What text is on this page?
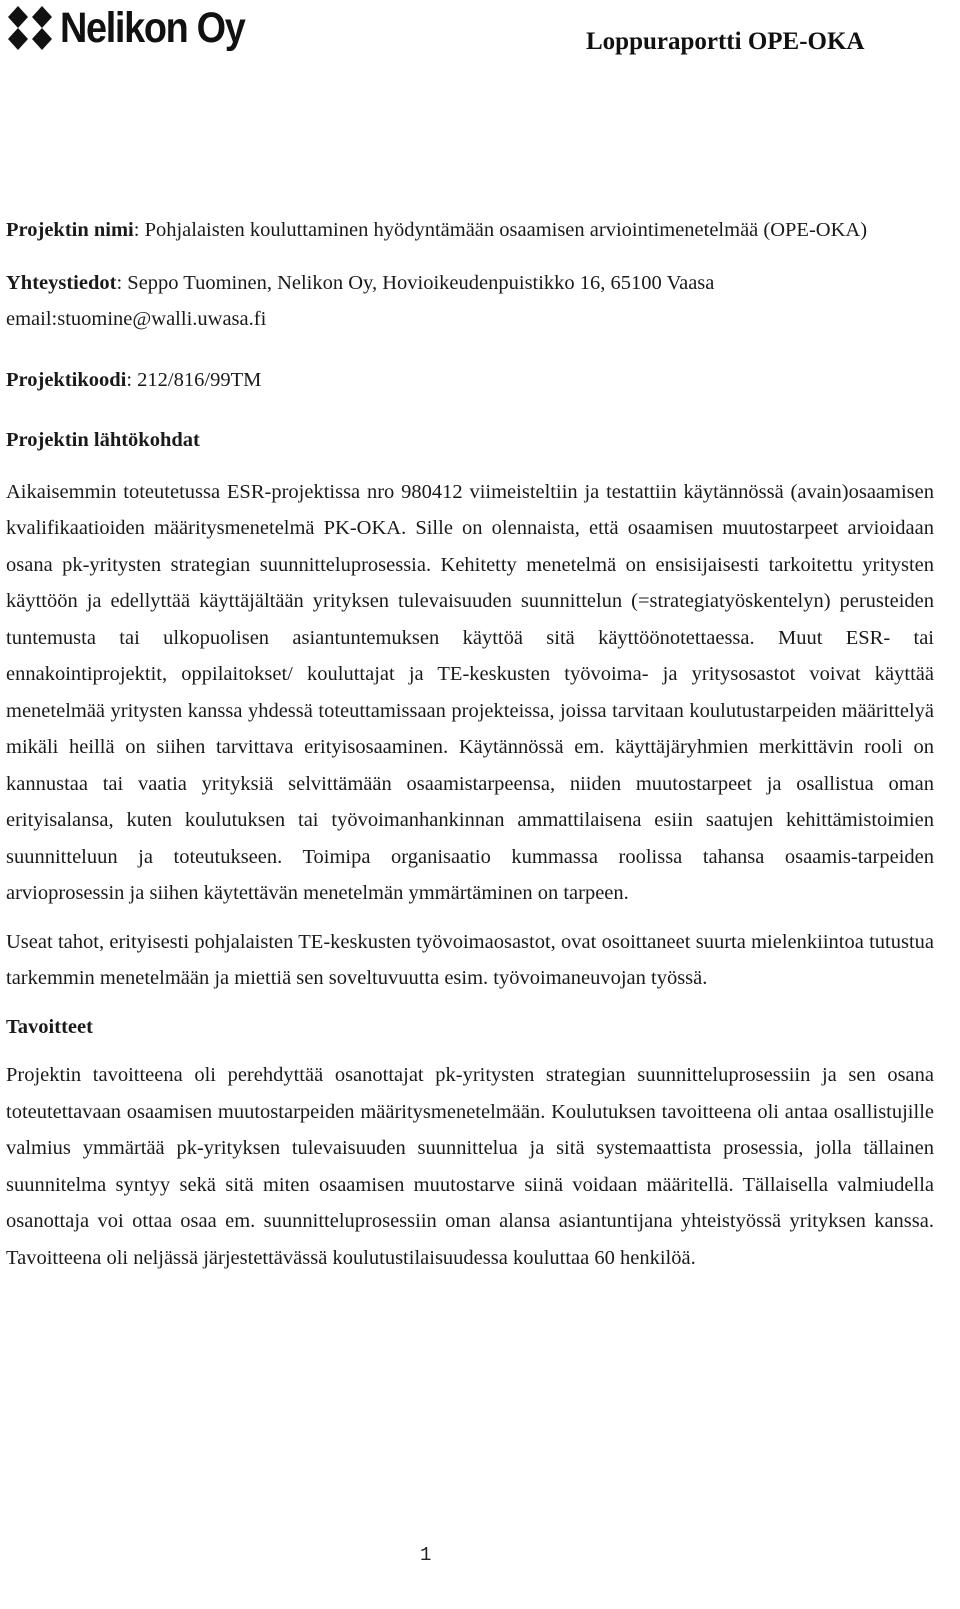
Nelikon Oy	Loppuraportti OPE-OKA

Projektin nimi: Pohjalaisten kouluttaminen hyödyntämään osaamisen arviointimenetelmää (OPE-OKA)

Yhteystiedot: Seppo Tuominen, Nelikon Oy, Hovioikeudenpuistikko 16, 65100 Vaasa

email:stuomine@walli.uwasa.fi

Projektikoodi: 212/816/99TM

Projektin lähtökohdat

Aikaisemmin toteutetussa ESR-projektissa nro 980412 viimeisteltiin ja testattiin käytännössä (avain)osaamisen kvalifikaatioiden määritysmenetelmä PK-OKA. Sille on olennaista, että osaamisen muutostarpeet arvioidaan osana pk-yritysten strategian suunnitteluprosessia. Kehitetty menetelmä on ensisijaisesti tarkoitettu yritysten käyttöön ja edellyttää käyttäjältään yrityksen tulevaisuuden suunnittelun (=strategiatyöskentelyn) perusteiden tuntemusta tai ulkopuolisen asiantuntemuksen käyttöä sitä käyttöönotettaessa. Muut ESR- tai ennakointiprojektit, oppilaitokset/ kouluttajat ja TE-keskusten työvoima- ja yritysosastot voivat käyttää menetelmää yritysten kanssa yhdessä toteuttamissaan projekteissa, joissa tarvitaan koulutustarpeiden määrittelyä mikäli heillä on siihen tarvittava erityisosaaminen. Käytännössä em. käyttäjäryhmien merkittävin rooli on kannustaa tai vaatia yrityksiä selvittämään osaamistarpeensa, niiden muutostarpeet ja osallistua oman erityisalansa, kuten koulutuksen tai työvoimanhankinnan ammattilaisena esiin saatujen kehittämistoimien suunnitteluun ja toteutukseen. Toimipa organisaatio kummassa roolissa tahansa osaamis-tarpeiden arvioprosessin ja siihen käytettävän menetelmän ymmärtäminen on tarpeen.

Useat tahot, erityisesti pohjalaisten TE-keskusten työvoimaosastot, ovat osoittaneet suurta mielenkiintoa tutustua tarkemmin menetelmään ja miettiä sen soveltuvuutta esim. työvoimaneuvojan työssä.

Tavoitteet

Projektin tavoitteena oli perehdyttää osanottajat pk-yritysten strategian suunnitteluprosessiin ja sen osana toteutettavaan osaamisen muutostarpeiden määritysmenetelmään. Koulutuksen tavoitteena oli antaa osallistujille valmius ymmärtää pk-yrityksen tulevaisuuden suunnittelua ja sitä systemaattista prosessia, jolla tällainen suunnitelma syntyy sekä sitä miten osaamisen muutostarve siinä voidaan määritellä. Tällaisella valmiudella osanottaja voi ottaa osaa em. suunnitteluprosessiin oman alansa asiantuntijana yhteistyössä yrityksen kanssa. Tavoitteena oli neljässä järjestettävässä koulutustilaisuudessa kouluttaa 60 henkilöä.

1
